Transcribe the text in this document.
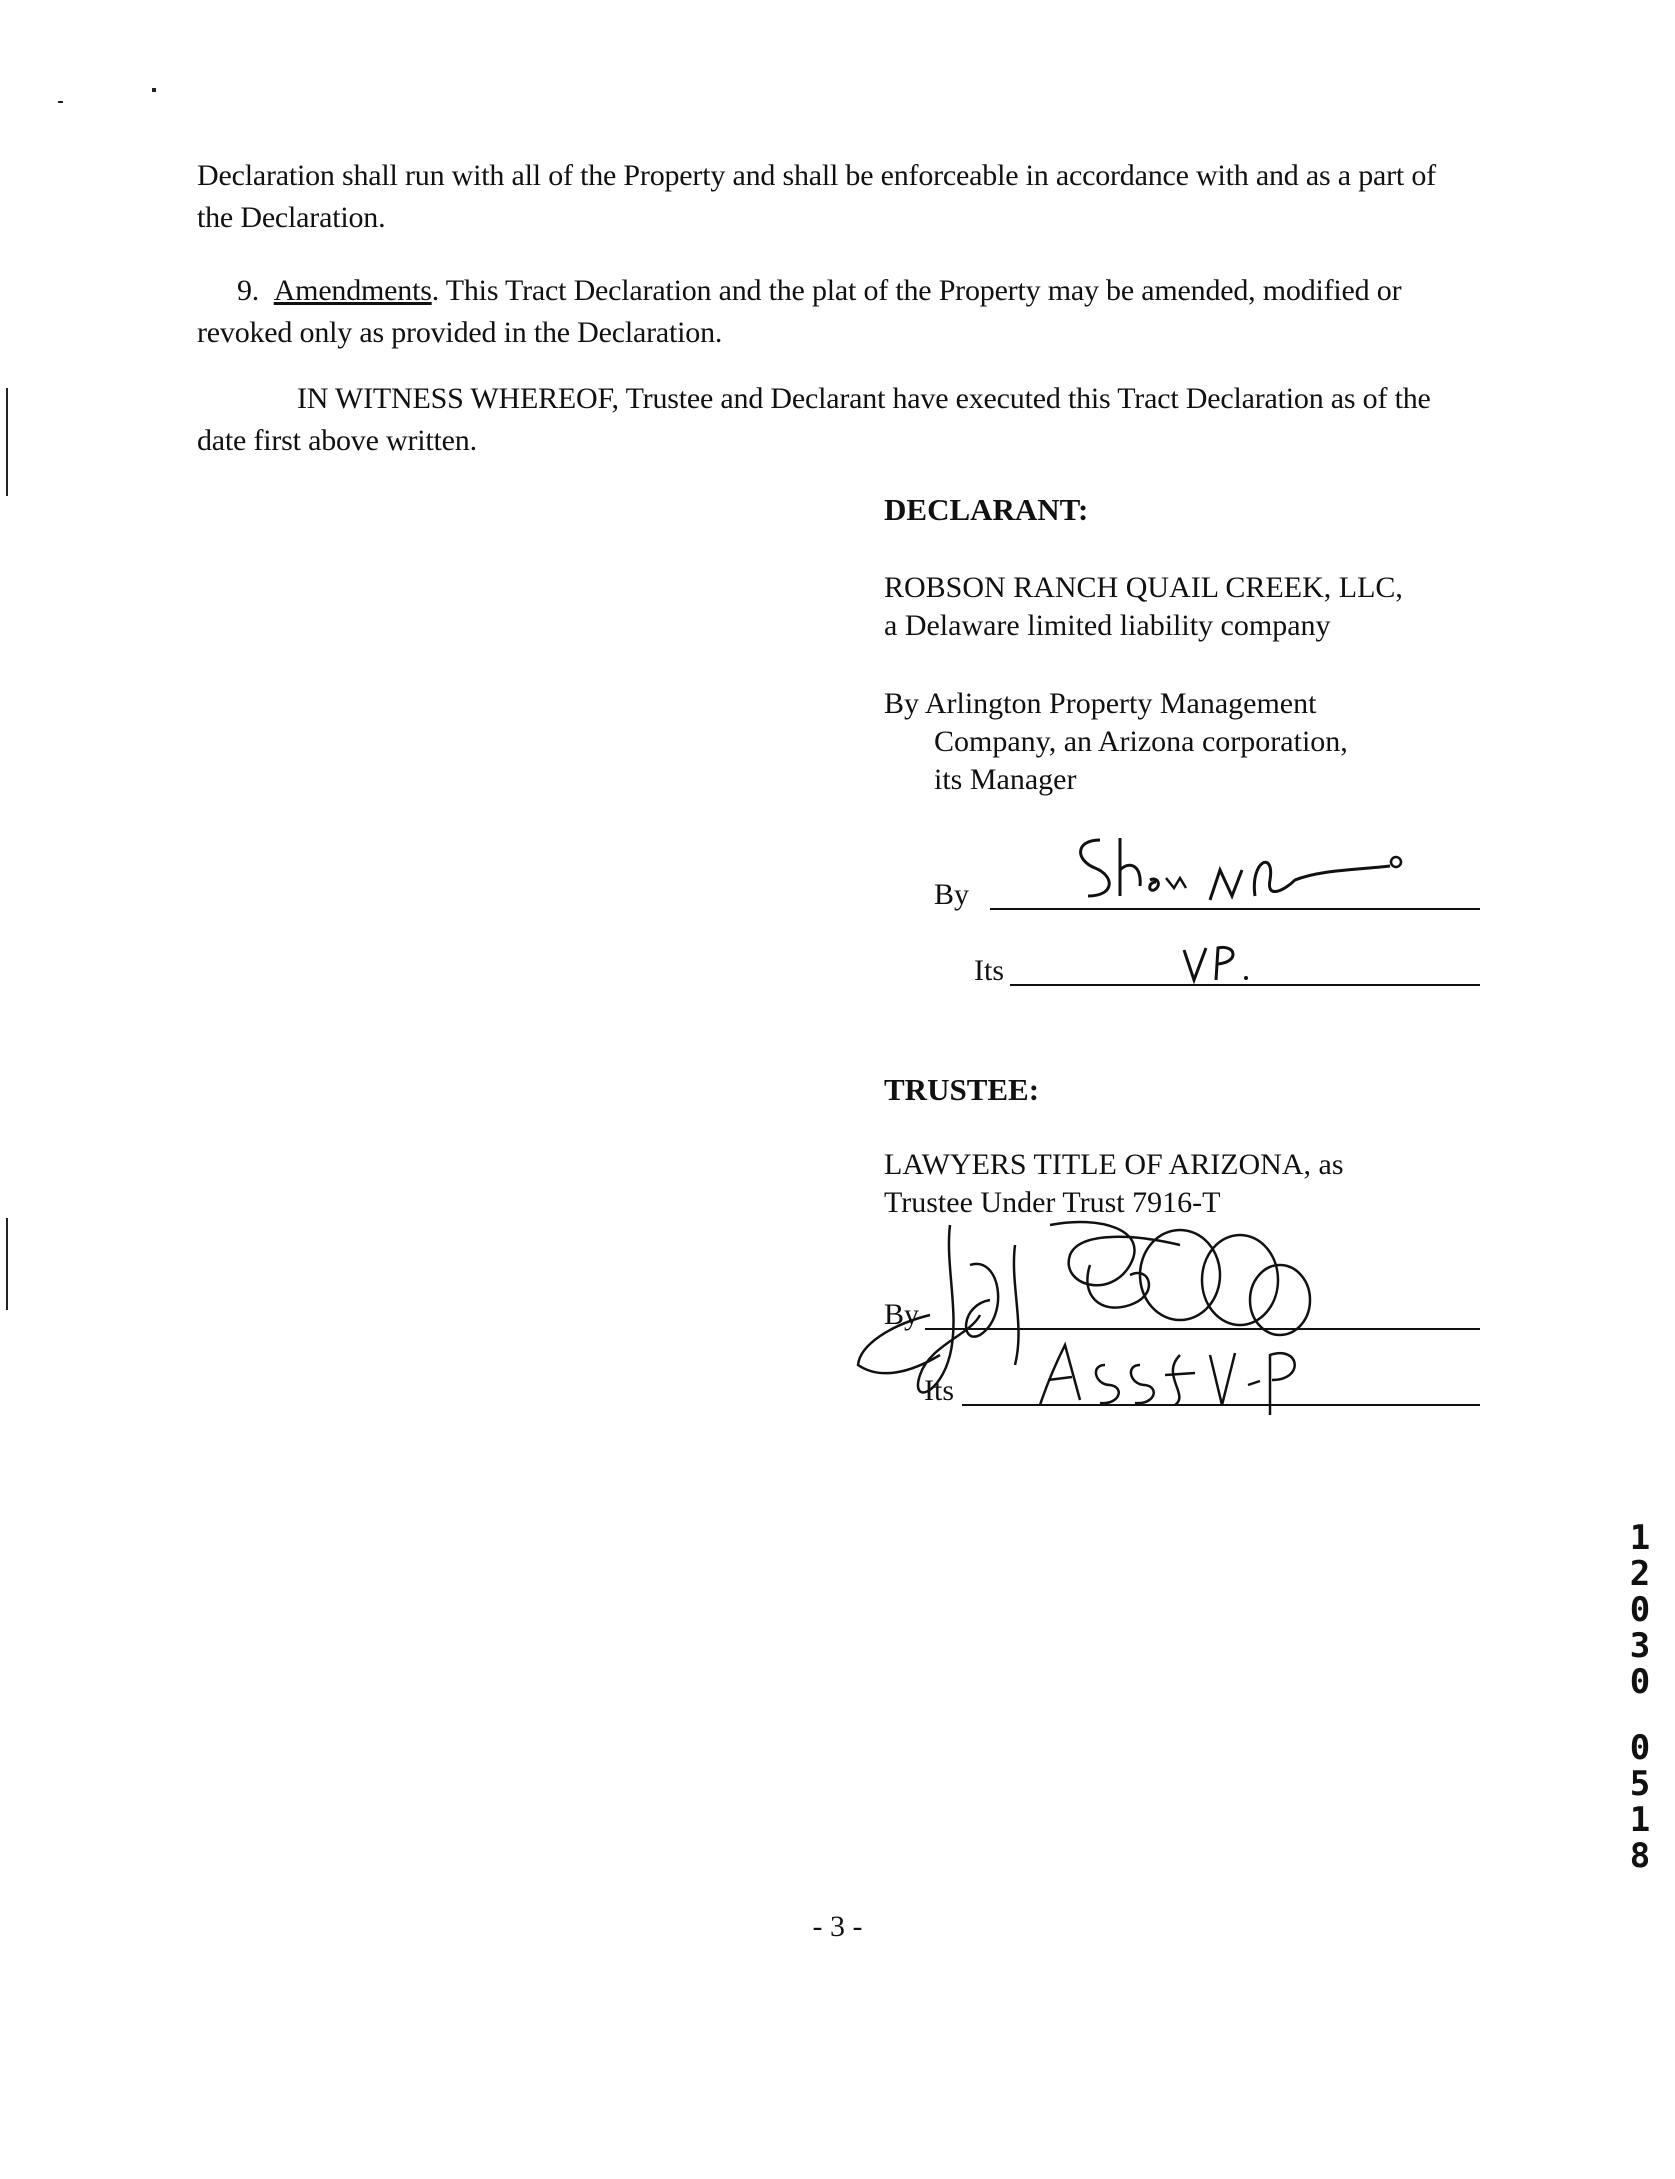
Declaration shall run with all of the Property and shall be enforceable in accordance with and as a part of the Declaration.
9. Amendments. This Tract Declaration and the plat of the Property may be amended, modified or revoked only as provided in the Declaration.
IN WITNESS WHEREOF, Trustee and Declarant have executed this Tract Declaration as of the date first above written.
DECLARANT:
ROBSON RANCH QUAIL CREEK, LLC,
a Delaware limited liability company
By Arlington Property Management
Company, an Arizona corporation,
its Manager
By
Its
TRUSTEE:
LAWYERS TITLE OF ARIZONA, as
Trustee Under Trust 7916-T
By
Its
1
2
0
3
0
0
5
1
8
- 3 -
